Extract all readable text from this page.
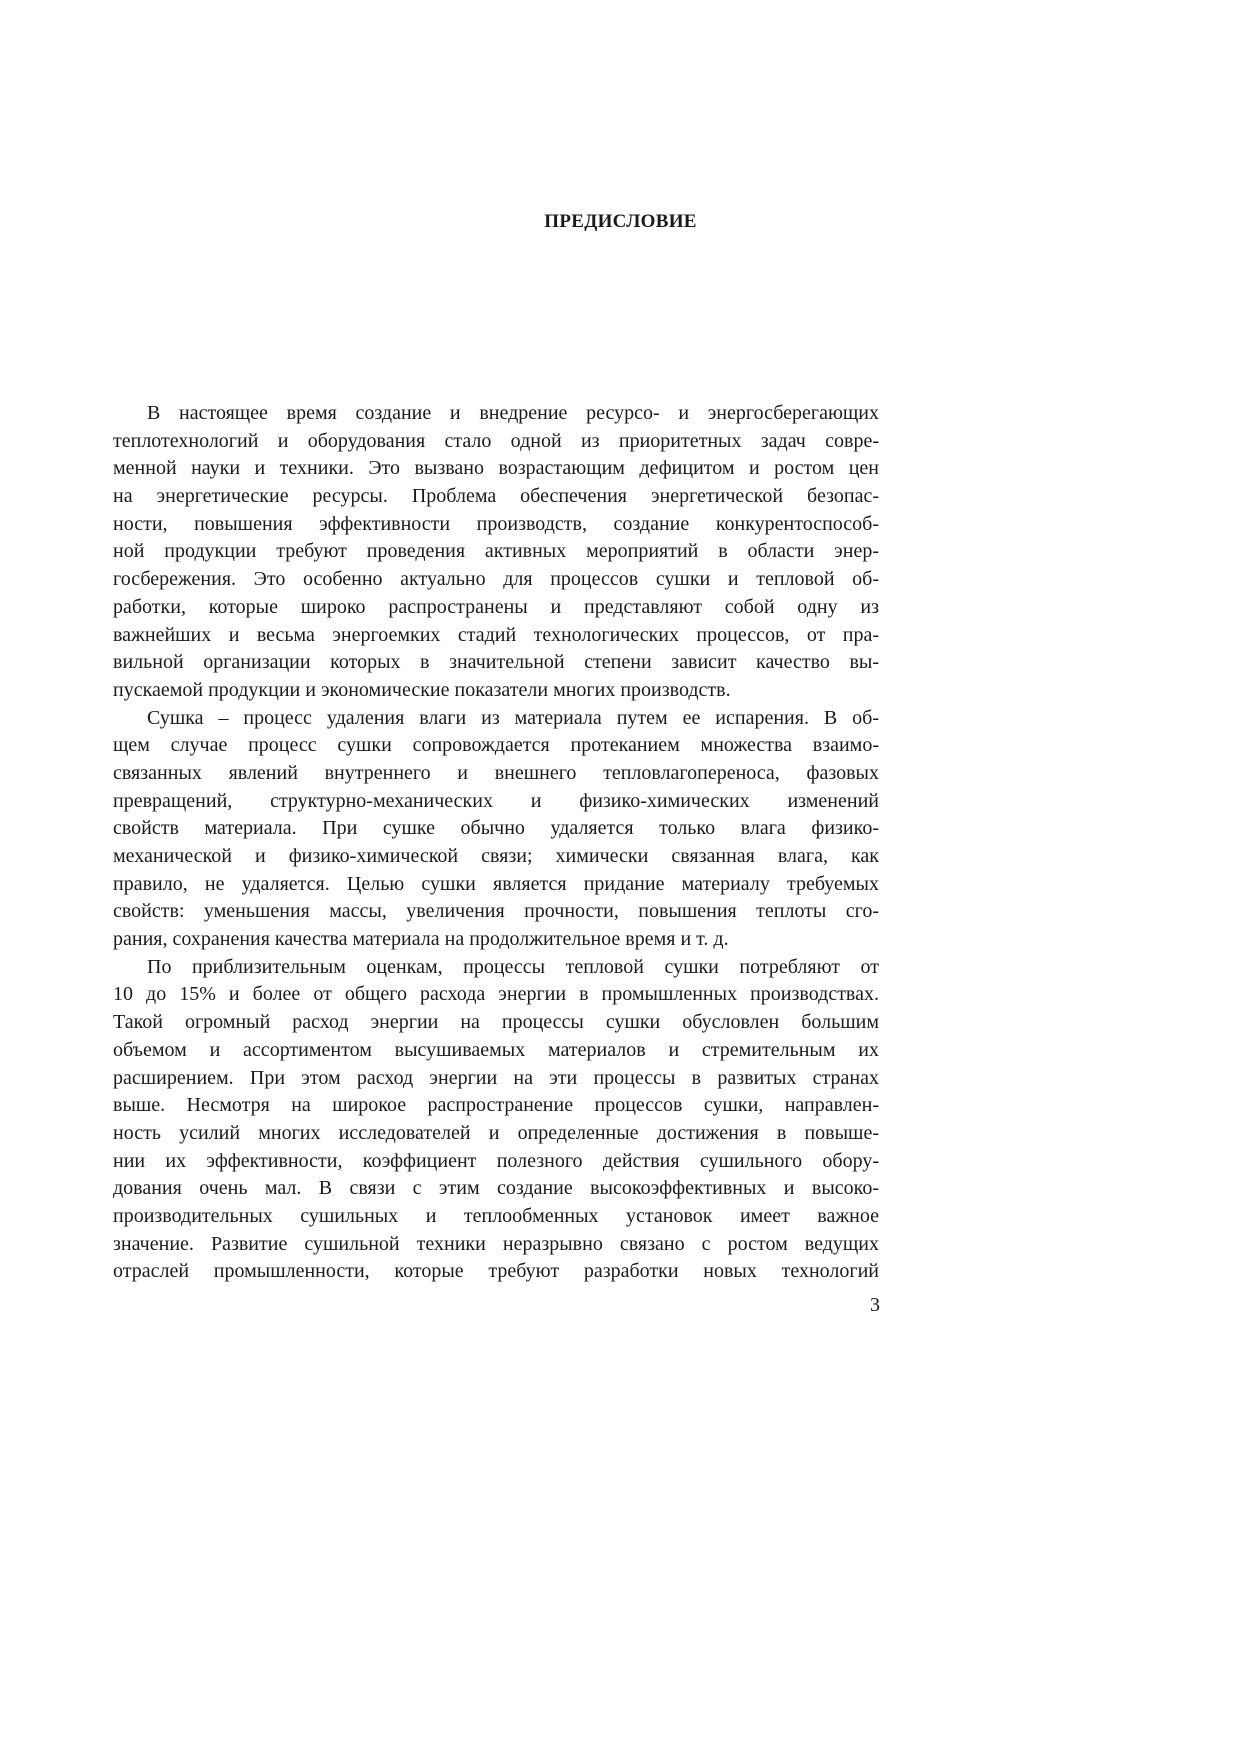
ПРЕДИСЛОВИЕ

В настоящее время создание и внедрение ресурсо- и энергосберегающих
теплотехнологий и оборудования стало одной из приоритетных задач совре-
менной науки и техники. Это вызвано возрастающим дефицитом и ростом цен
на энергетические ресурсы. Проблема обеспечения энергетической безопас-
ности, повышения эффективности производств, создание конкурентоспособ-
ной продукции требуют проведения активных мероприятий в области энер-
госбережения. Это особенно актуально для процессов сушки и тепловой об-
работки, которые широко распространены и представляют собой одну из
важнейших и весьма энергоемких стадий технологических процессов, от пра-
вильной организации которых в значительной степени зависит качество вы-
пускаемой продукции и экономические показатели многих производств.

Сушка – процесс удаления влаги из материала путем ее испарения. В об-
щем случае процесс сушки сопровождается протеканием множества взаимо-
связанных явлений внутреннего и внешнего тепловлагопереноса, фазовых
превращений, структурно-механических и физико-химических изменений
свойств материала. При сушке обычно удаляется только влага физико-
механической и физико-химической связи; химически связанная влага, как
правило, не удаляется. Целью сушки является придание материалу требуемых
свойств: уменьшения массы, увеличения прочности, повышения теплоты сго-
рания, сохранения качества материала на продолжительное время и т. д.

По приблизительным оценкам, процессы тепловой сушки потребляют от
10 до 15% и более от общего расхода энергии в промышленных производствах.
Такой огромный расход энергии на процессы сушки обусловлен большим
объемом и ассортиментом высушиваемых материалов и стремительным их
расширением. При этом расход энергии на эти процессы в развитых странах
выше. Несмотря на широкое распространение процессов сушки, направлен-
ность усилий многих исследователей и определенные достижения в повыше-
нии их эффективности, коэффициент полезного действия сушильного обору-
дования очень мал. В связи с этим создание высокоэффективных и высоко-
производительных сушильных и теплообменных установок имеет важное
значение. Развитие сушильной техники неразрывно связано с ростом ведущих
отраслей промышленности, которые требуют разработки новых технологий

3
